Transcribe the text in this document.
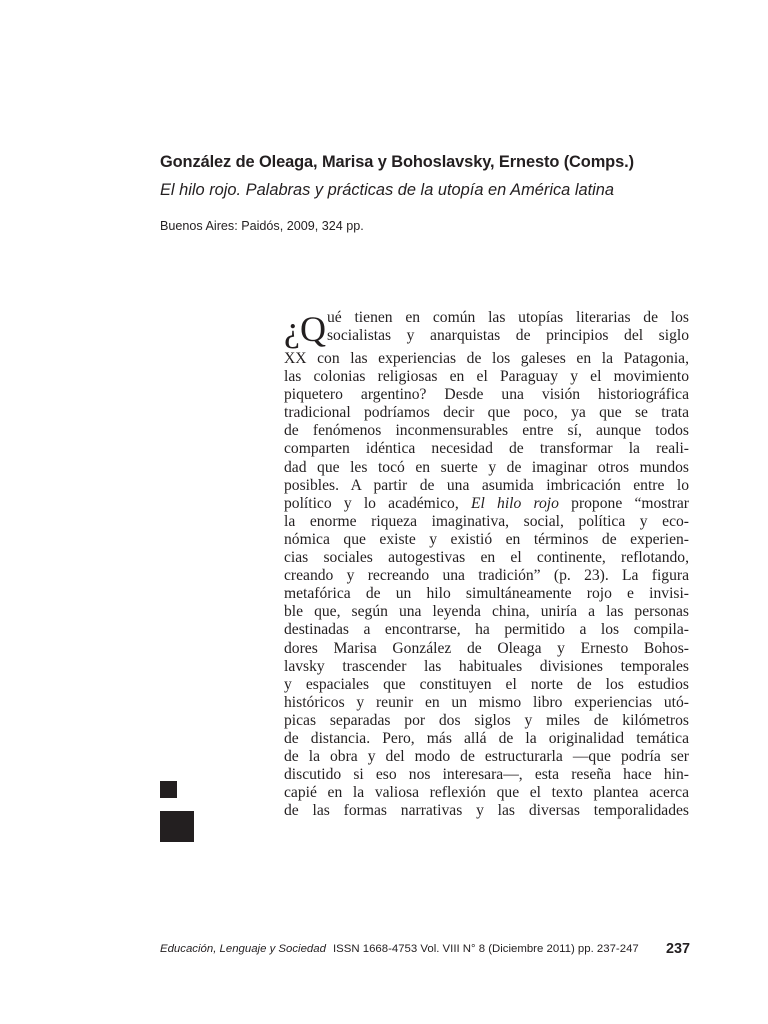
González de Oleaga, Marisa y Bohoslavsky, Ernesto (Comps.)
El hilo rojo. Palabras y prácticas de la utopía en América latina
Buenos Aires: Paidós, 2009, 324 pp.
¿Q ué tienen en común las utopías literarias de los
socialistas y anarquistas de principios del siglo
XX con las experiencias de los galeses en la Patagonia,
las colonias religiosas en el Paraguay y el movimiento
piquetero argentino? Desde una visión historiográfica
tradicional podríamos decir que poco, ya que se trata
de fenómenos inconmensurables entre sí, aunque todos
comparten idéntica necesidad de transformar la reali-
dad que les tocó en suerte y de imaginar otros mundos
posibles. A partir de una asumida imbricación entre lo
político y lo académico, El hilo rojo propone “mostrar
la enorme riqueza imaginativa, social, política y eco-
nómica que existe y existió en términos de experien-
cias sociales autogestivas en el continente, reflotando,
creando y recreando una tradición” (p. 23). La figura
metafórica de un hilo simultáneamente rojo e invisi-
ble que, según una leyenda china, uniría a las personas
destinadas a encontrarse, ha permitido a los compila-
dores Marisa González de Oleaga y Ernesto Bohos-
lavsky trascender las habituales divisiones temporales
y espaciales que constituyen el norte de los estudios
históricos y reunir en un mismo libro experiencias utó-
picas separadas por dos siglos y miles de kilómetros
de distancia. Pero, más allá de la originalidad temática
de la obra y del modo de estructurarla —que podría ser
discutido si eso nos interesara—, esta reseña hace hin-
capié en la valiosa reflexión que el texto plantea acerca
de las formas narrativas y las diversas temporalidades
Educación, Lenguaje y Sociedad ISSN 1668-4753 Vol. VIII N° 8 (Diciembre 2011) pp. 237-247 237
